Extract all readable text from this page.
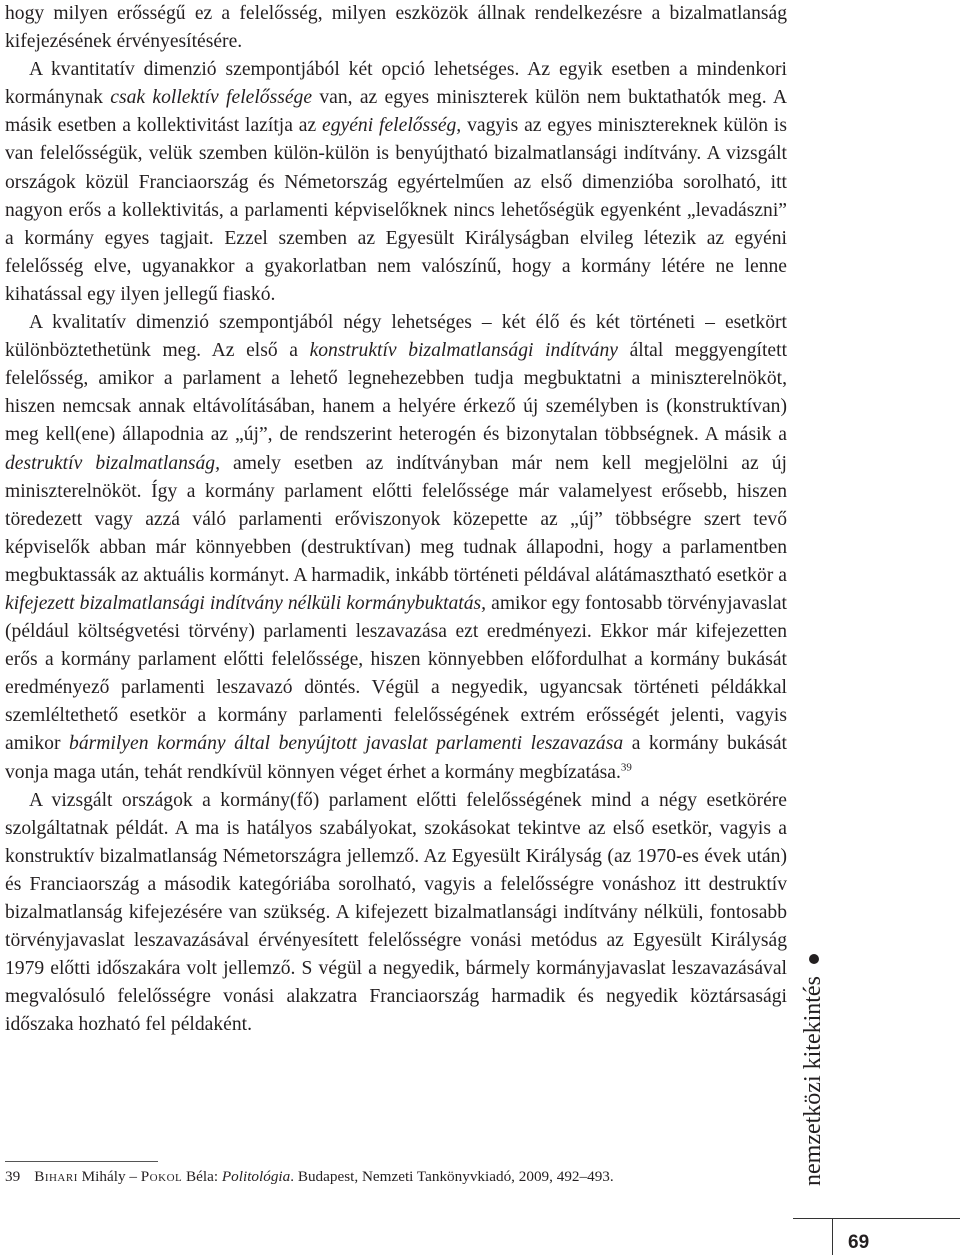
hogy milyen erősségű ez a felelősség, milyen eszközök állnak rendelkezésre a bizalmatlanság kifejezésének érvényesítésére.

A kvantitatív dimenzió szempontjából két opció lehetséges. Az egyik esetben a mindenkori kormánynak csak kollektív felelőssége van, az egyes miniszterek külön nem buktathatók meg. A másik esetben a kollektivitást lazítja az egyéni felelősség, vagyis az egyes minisztereknek külön is van felelősségük, velük szemben külön-külön is benyújtható bizalmatlansági indítvány. A vizsgált országok közül Franciaország és Németország egyértelműen az első dimenzióba sorolható, itt nagyon erős a kollektivitás, a parlamenti képviselőknek nincs lehetőségük egyenként „levadászni” a kormány egyes tagjait. Ezzel szemben az Egyesült Királyságban elvileg létezik az egyéni felelősség elve, ugyanakkor a gyakorlatban nem valószínű, hogy a kormány létére ne lenne kihatással egy ilyen jellegű fiaskó.

A kvalitatív dimenzió szempontjából négy lehetséges – két élő és két történeti – esetkört különböztethetünk meg. Az első a konstruktív bizalmatlansági indítvány által meggyengített felelősség, amikor a parlament a lehető legnehezebben tudja megbuktatni a miniszterelnököt, hiszen nemcsak annak eltávolításában, hanem a helyére érkező új személyben is (konstruktívan) meg kell(ene) állapodnia az „új”, de rendszerint heterogén és bizonytalan többségnek. A másik a destruktív bizalmatlanság, amely esetben az indítványban már nem kell megjelölni az új miniszterelnököt. Így a kormány parlament előtti felelőssége már valamelyest erősebb, hiszen töredezett vagy azzá váló parlamenti erőviszonyok közepette az „új” többségre szert tevő képviselők abban már könnyebben (destruktívan) meg tudnak állapodni, hogy a parlamentben megbuktassák az aktuális kormányt. A harmadik, inkább történeti példával alátámasztható esetkör a kifejezett bizalmatlansági indítvány nélküli kormánybuktatás, amikor egy fontosabb törvényjavaslat (például költségvetési törvény) parlamenti leszavazása ezt eredményezi. Ekkor már kifejezetten erős a kormány parlament előtti felelőssége, hiszen könnyebben előfordulhat a kormány bukását eredményező parlamenti leszavazó döntés. Végül a negyedik, ugyancsak történeti példákkal szemléltethető esetkör a kormány parlamenti felelősségének extrém erősségét jelenti, vagyis amikor bármilyen kormány által benyújtott javaslat parlamenti leszavazása a kormány bukását vonja maga után, tehát rendkívül könnyen véget érhet a kormány megbízatása.$^{39}$

A vizsgált országok a kormány(fő) parlament előtti felelősségének mind a négy esetkörére szolgáltatnak példát. A ma is hatályos szabályokat, szokásokat tekintve az első esetkör, vagyis a konstruktív bizalmatlanság Németországra jellemző. Az Egyesült Királyság (az 1970-es évek után) és Franciaország a második kategóriába sorolható, vagyis a felelősségre vonáshoz itt destruktív bizalmatlanság kifejezésére van szükség. A kifejezett bizalmatlansági indítvány nélküli, fontosabb törvényjavaslat leszavazásával érvényesített felelősségre vonási metódus az Egyesült Királyság 1979 előtti időszakára volt jellemző. S végül a negyedik, bármely kormányjavaslat leszavazásával megvalósuló felelősségre vonási alakzatra Franciaország harmadik és negyedik köztársasági időszaka hozható fel példaként.

39 Bihari Mihály – Pokol Béla: Politológia. Budapest, Nemzeti Tankönyvkiadó, 2009, 492–493.	nemzetközi kitekintés
69
